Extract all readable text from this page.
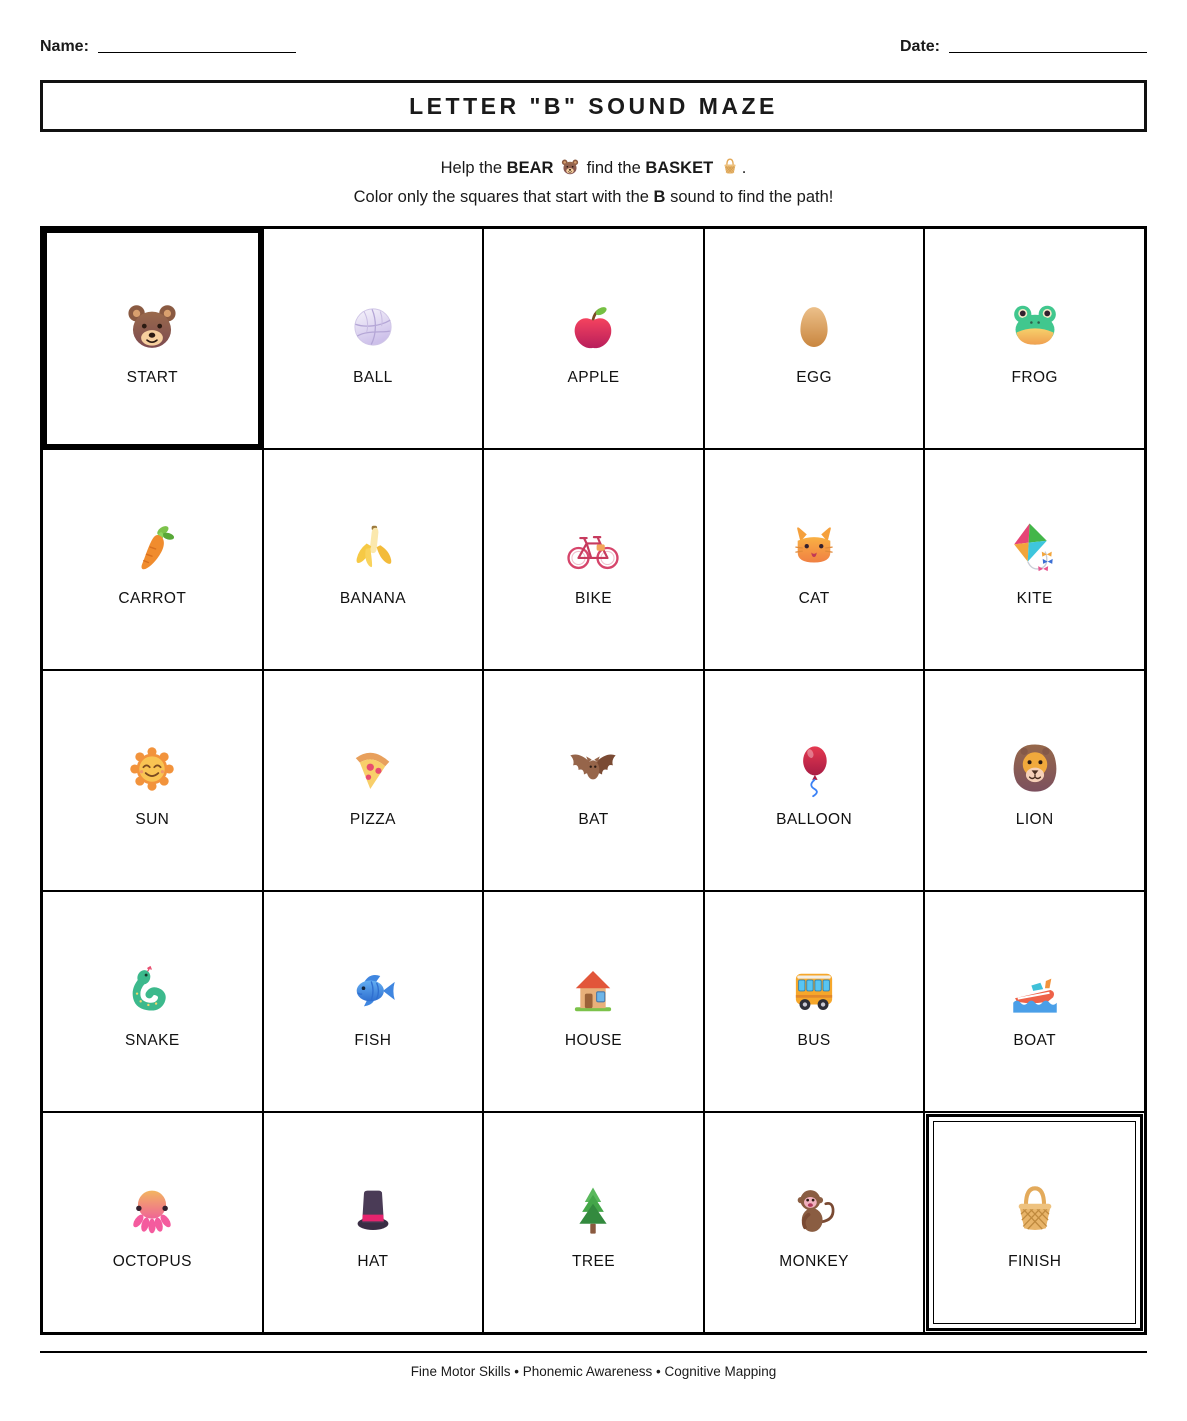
Name:	Date:
LETTER "B" SOUND MAZE
Help the BEAR find the BASKET .
Color only the squares that start with the B sound to find the path!
START	BALL	APPLE	EGG	FROG
CARROT	BANANA	BIKE	CAT	KITE
SUN	PIZZA	BAT	BALLOON	LION
SNAKE	FISH	HOUSE	BUS	BOAT
OCTOPUS	HAT	TREE	MONKEY	FINISH
Fine Motor Skills • Phonemic Awareness • Cognitive Mapping
